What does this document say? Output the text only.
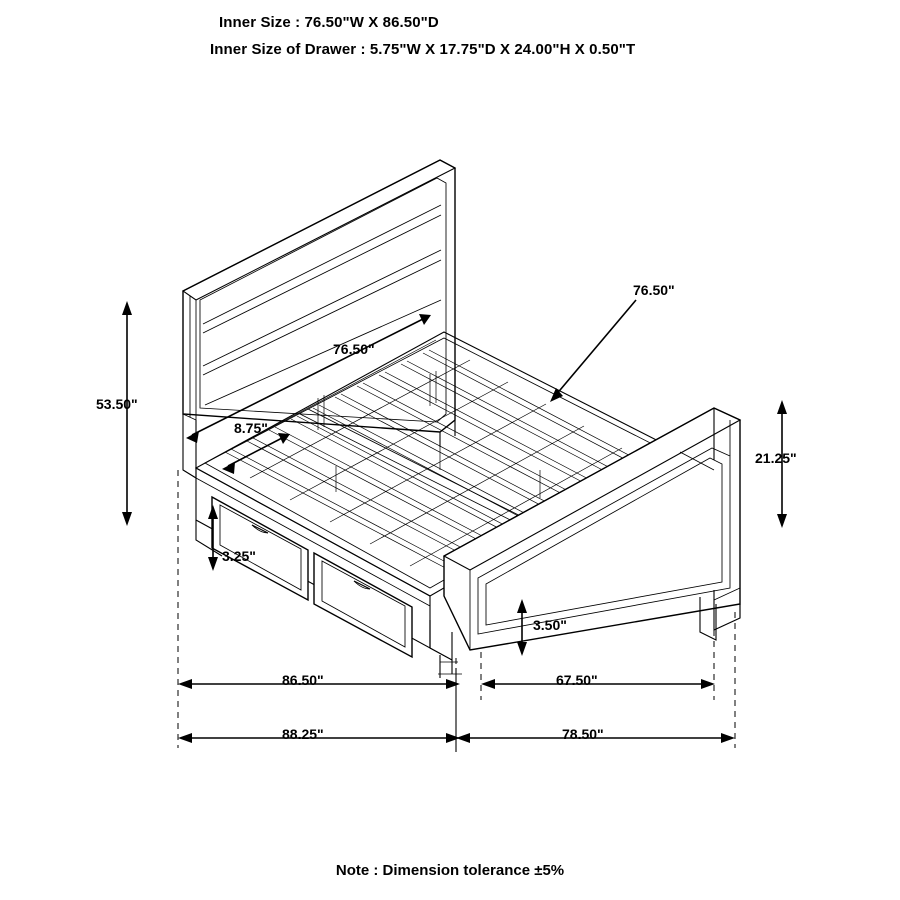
Inner Size : 76.50"W X 86.50"D
Inner Size of Drawer : 5.75"W X 17.75"D X 24.00"H X 0.50"T
53.50"
76.50"
8.75"
76.50"
21.25"
3.25"
3.50"
86.50"	67.50"
88.25"	78.50"
Note : Dimension tolerance ±5%
